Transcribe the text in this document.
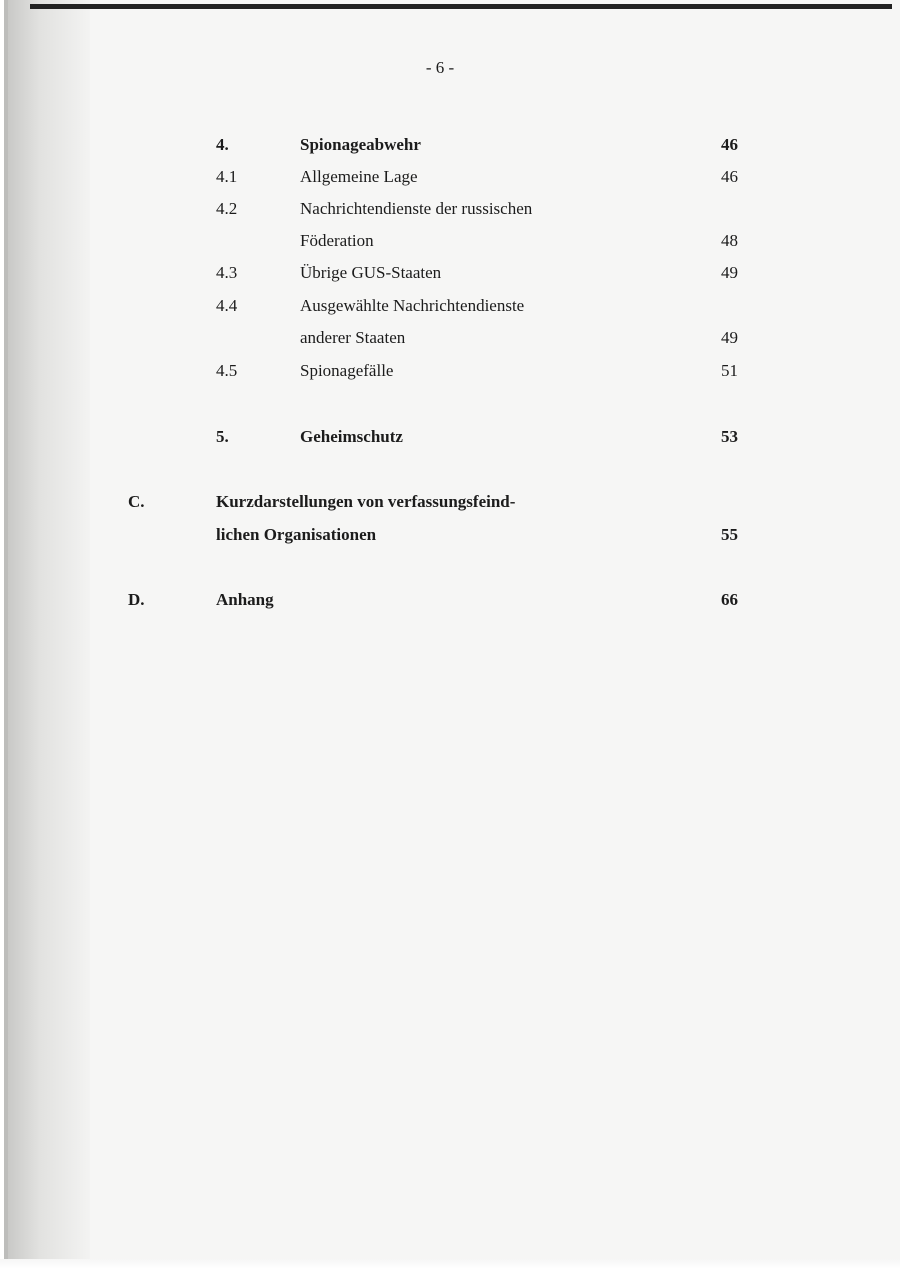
- 6 -
4.	Spionageabwehr	46
4.1	Allgemeine Lage	46
4.2	Nachrichtendienste der russischen
Föderation	48
4.3	Übrige GUS-Staaten	49
4.4	Ausgewählte Nachrichtendienste
anderer Staaten	49
4.5	Spionagefälle	51
5.	Geheimschutz	53
C.	Kurzdarstellungen von verfassungsfeind-
lichen Organisationen	55
D.	Anhang	66
